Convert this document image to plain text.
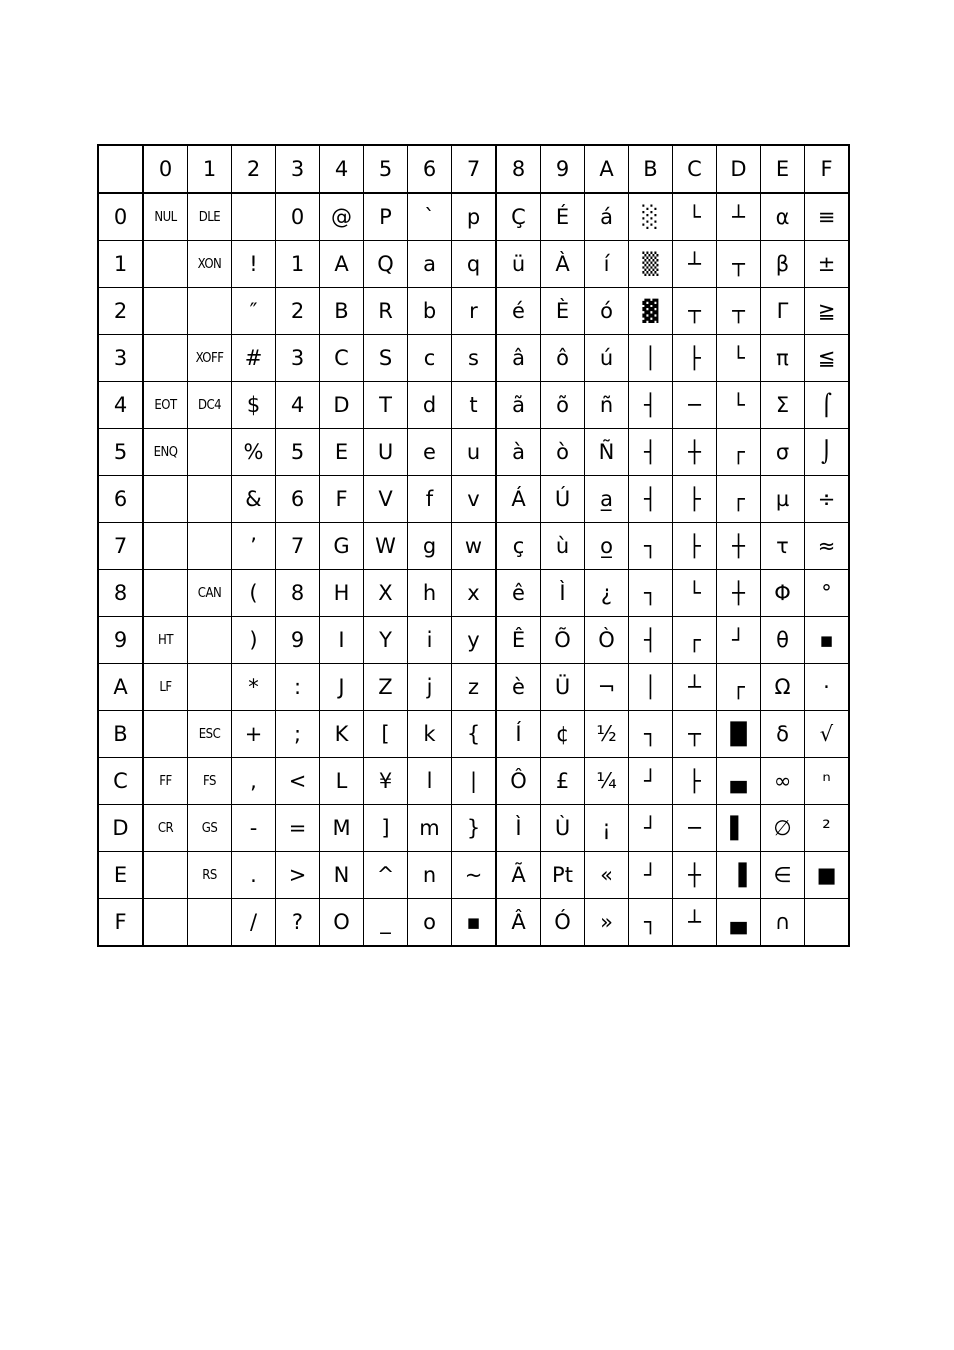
	0	1	2	3	4	5	6	7	8	9	A	B	C	D	E	F
0	NUL	DLE		0	@	P	`	p	Ç	É	á	░	└	┴	α	≡
1		XON	!	1	A	Q	a	q	ü	À	í	▒	┴	┬	β	±
2			″	2	B	R	b	r	é	È	ó	▓	┬	┬	Γ	≧
3		XOFF	#	3	C	S	c	s	â	ô	ú	│	├	└	π	≦
4	EOT	DC4	$	4	D	T	d	t	ã	õ	ñ	┤	─	└	Σ	⌠
5	ENQ		%	5	E	U	e	u	à	ò	Ñ	┤	┼	┌	σ	⌡
6			&	6	F	V	f	v	Á	Ú	a̲	┤	├	┌	µ	÷
7			’	7	G	W	g	w	ç	ù	o̲	┐	├	┼	τ	≈
8		CAN	(	8	H	X	h	x	ê	Ì	¿	┐	└	┼	Φ	°
9	HT		)	9	I	Y	i	y	Ê	Õ	Ò	┤	┌	┘	θ	▪
A	LF		*	:	J	Z	j	z	è	Ü	¬	│	┴	┌	Ω	·
B		ESC	+	;	K	[	k	{	Í	¢	½	┐	┬	█	δ	√
C	FF	FS	,	<	L	¥	l	|	Ô	£	¼	┘	├	▄	∞	ⁿ
D	CR	GS	-	=	M	]	m	}	Ì	Ù	¡	┘	─	▌	∅	²
E		RS	.	>	N	^	n	~	Ã	Pt	«	┘	┼	▐	∈	■
F			/	?	O	_	o	▪	Â	Ó	»	┐	┴	▄	∩	
